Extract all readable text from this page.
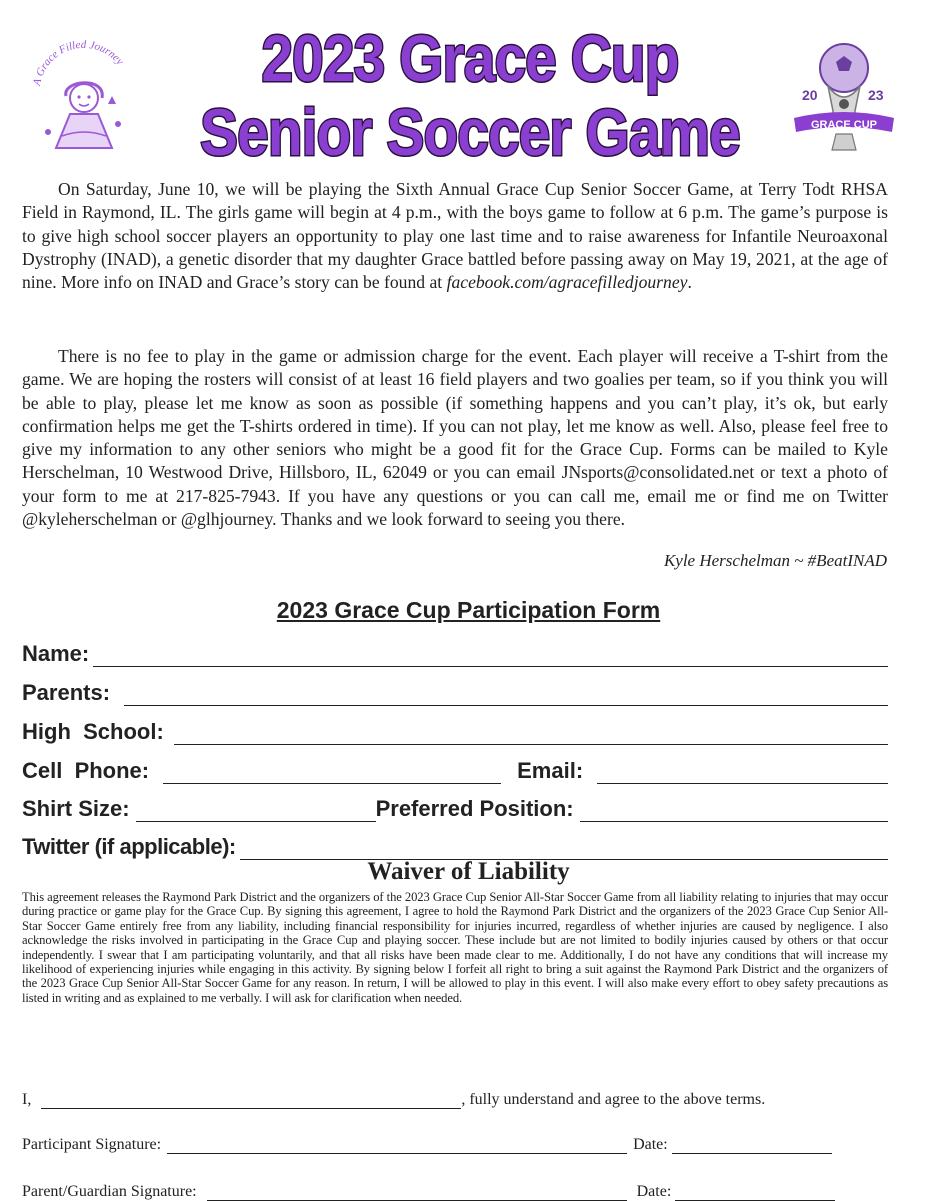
A Grace Filled Journey	2023 Grace Cup
Senior Soccer Game	20	23
GRACE CUP

On Saturday, June 10, we will be playing the Sixth Annual Grace Cup Senior Soccer Game, at Terry Todt RHSA Field in Raymond, IL. The girls game will begin at 4 p.m., with the boys game to follow at 6 p.m. The game’s purpose is to give high school soccer players an opportunity to play one last time and to raise awareness for Infantile Neuroaxonal Dystrophy (INAD), a genetic disorder that my daughter Grace battled before passing away on May 19, 2021, at the age of nine. More info on INAD and Grace’s story can be found at facebook.com/agracefilledjourney.

There is no fee to play in the game or admission charge for the event. Each player will receive a T-shirt from the game. We are hoping the rosters will consist of at least 16 field players and two goalies per team, so if you think you will be able to play, please let me know as soon as possible (if something happens and you can’t play, it’s ok, but early confirmation helps me get the T-shirts ordered in time). If you can not play, let me know as well. Also, please feel free to give my information to any other seniors who might be a good fit for the Grace Cup. Forms can be mailed to Kyle Herschelman, 10 Westwood Drive, Hillsboro, IL, 62049 or you can email JNsports@consolidated.net or text a photo of your form to me at 217-825-7943. If you have any questions or you can call me, email me or find me on Twitter @kyleherschelman or @glhjourney. Thanks and we look forward to seeing you there.

Kyle Herschelman ~ #BeatINAD
2023 Grace Cup Participation Form
Name:
Parents:
High  School:
Cell  Phone:	Email:
Shirt Size:	Preferred Position:
Twitter (if applicable):
Waiver of Liability
This agreement releases the Raymond Park District and the organizers of the 2023 Grace Cup Senior All-Star Soccer Game from all liability relating to injuries that may occur during practice or game play for the Grace Cup. By signing this agreement, I agree to hold the Raymond Park District and the organizers of the 2023 Grace Cup Senior All-Star Soccer Game entirely free from any liability, including financial responsibility for injuries incurred, regardless of whether injuries are caused by negligence. I also acknowledge the risks involved in participating in the Grace Cup and playing soccer. These include but are not limited to bodily injuries caused by others or that occur independently. I swear that I am participating voluntarily, and that all risks have been made clear to me. Additionally, I do not have any conditions that will increase my likelihood of experiencing injuries while engaging in this activity. By signing below I forfeit all right to bring a suit against the Raymond Park District and the organizers of the 2023 Grace Cup Senior All-Star Soccer Game for any reason. In return, I will be allowed to play in this event. I will also make every effort to obey safety precautions as listed in writing and as explained to me verbally. I will ask for clarification when needed.
I,	, fully understand and agree to the above terms.
Participant Signature:	Date:
Parent/Guardian Signature:	Date:
